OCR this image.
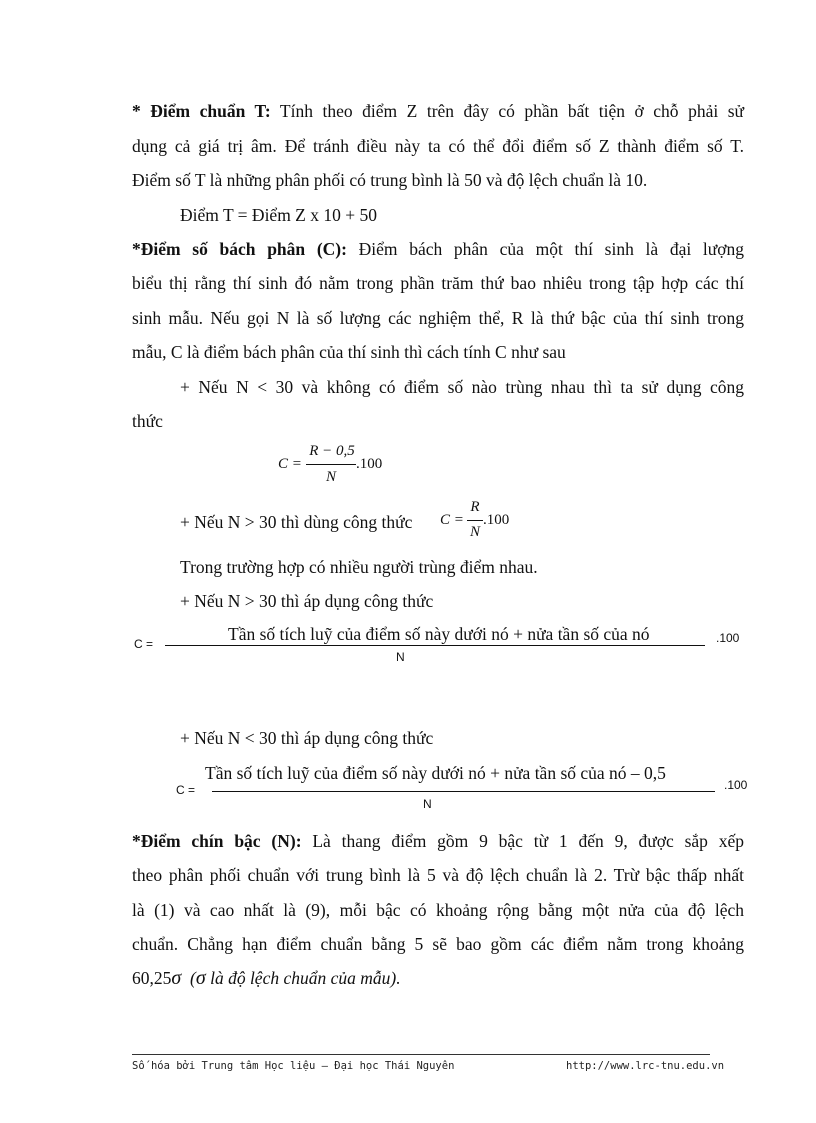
* Điểm chuẩn T: Tính theo điểm Z trên đây có phần bất tiện ở chỗ phải sử
dụng cả giá trị âm. Để tránh điều này ta có thể đổi điểm số Z thành điểm số T.
Điểm số T là những phân phối có trung bình là 50 và độ lệch chuẩn là 10.
Điểm T = Điểm Z x 10 + 50
*Điểm số bách phân (C): Điểm bách phân của một thí sinh là đại lượng
biểu thị rằng thí sinh đó nằm trong phần trăm thứ bao nhiêu trong tập hợp các thí
sinh mẫu. Nếu gọi N là số lượng các nghiệm thể, R là thứ bậc của thí sinh trong
mẫu, C là điểm bách phân của thí sinh thì cách tính C như sau
+ Nếu N < 30 và không có điểm số nào trùng nhau thì ta sử dụng công
thức
C =
R − 0,5
N
.100
+ Nếu N > 30 thì dùng công thức C =
R
N
.100
Trong trường hợp có nhiều người trùng điểm nhau.
+ Nếu N > 30 thì áp dụng công thức
C =	Tần số tích luỹ của điểm số này dưới nó + nửa tần số của nó
N
.100
+ Nếu N < 30 thì áp dụng công thức
C =
Tần số tích luỹ của điểm số này dưới nó + nửa tần số của nó – 0,5
N
.100
*Điểm chín bậc (N): Là thang điểm gồm 9 bậc từ 1 đến 9, được sắp xếp
theo phân phối chuẩn với trung bình là 5 và độ lệch chuẩn là 2. Trừ bậc thấp nhất
là (1) và cao nhất là (9), mỗi bậc có khoảng rộng bằng một nửa của độ lệch
chuẩn. Chẳng hạn điểm chuẩn bằng 5 sẽ bao gồm các điểm nằm trong khoảng
60,25σ (σ là độ lệch chuẩn của mẫu).
Số hóa bởi Trung tâm Học liệu – Đại học Thái Nguyên	http://www.lrc-tnu.edu.vn
